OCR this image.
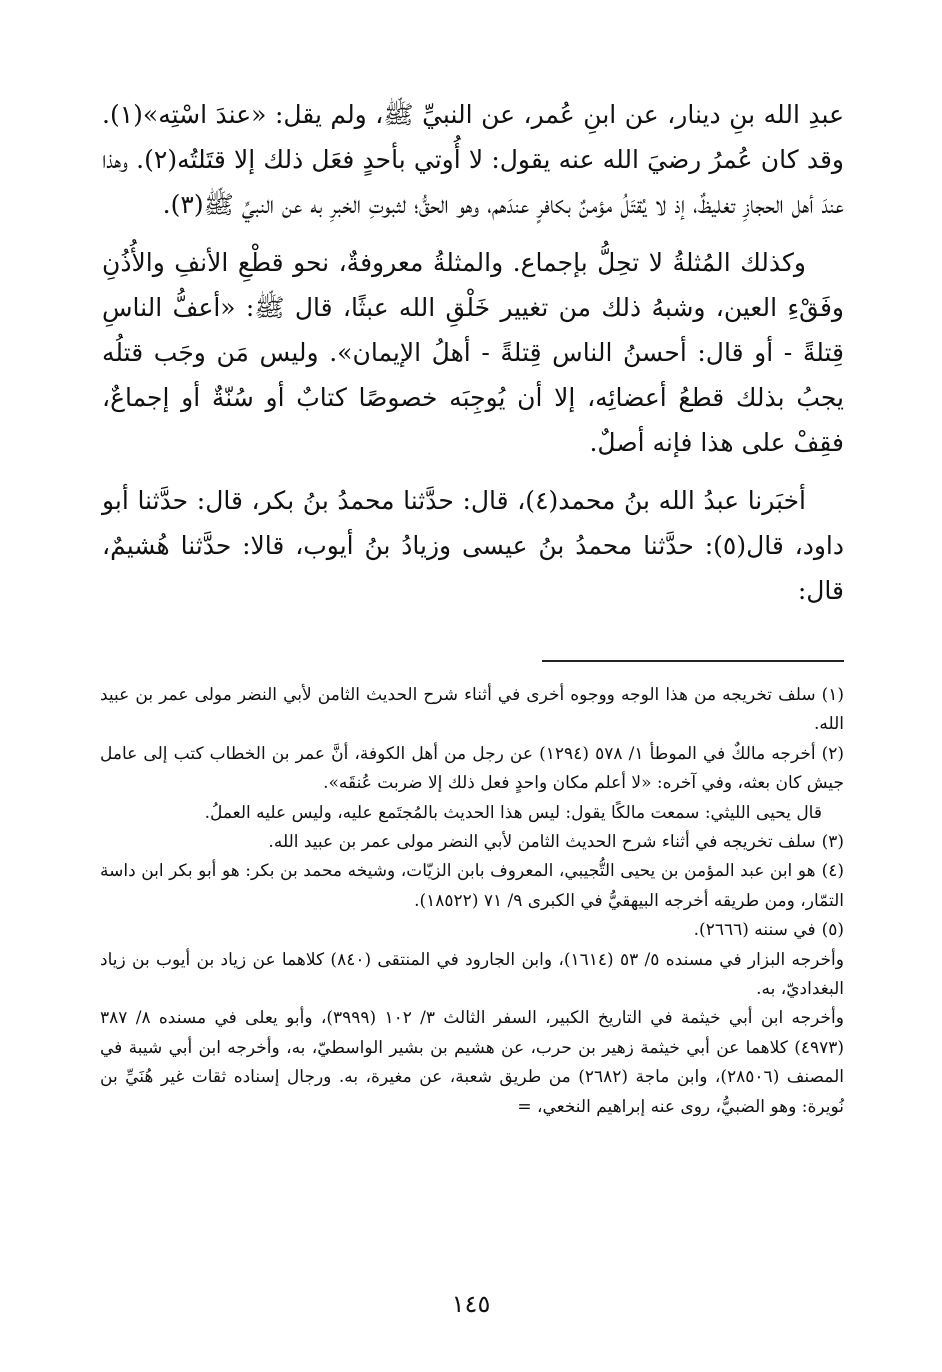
عبدِ الله بنِ دينار، عن ابنِ عُمر، عن النبيِّ ﷺ، ولم يقل: «عندَ اسْتِه»(١). وقد كان عُمرُ رضيَ الله عنه يقول: لا أُوتي بأحدٍ فعَل ذلك إلا قتَلتُه(٢). وهذا عندَ أهل الحجازِ تغليظٌ، إذ لا يُقتَلُ مؤمنٌ بكافرٍ عندَهم، وهو الحقُّ؛ لثبوتِ الخبرِ به عن النبيِّ ﷺ(٣).

وكذلك المُثلةُ لا تحِلُّ بإجماع. والمثلةُ معروفةٌ، نحو قطْعِ الأنفِ والأُذُنِ وفَقْءِ العين، وشبهُ ذلك من تغيير خَلْقِ الله عبثًا، قال ﷺ: «أعفُّ الناسِ قِتلةً - أو قال: أحسنُ الناس قِتلةً - أهلُ الإيمان». وليس مَن وجَب قتلُه يجبُ بذلك قطعُ أعضائِه، إلا أن يُوجِبَه خصوصًا كتابٌ أو سُنّةٌ أو إجماعٌ، فقِفْ على هذا فإنه أصلٌ.

أخبَرنا عبدُ الله بنُ محمد(٤)، قال: حدَّثنا محمدُ بنُ بكر، قال: حدَّثنا أبو داود، قال(٥): حدَّثنا محمدُ بنُ عيسى وزيادُ بنُ أيوب، قالا: حدَّثنا هُشيمٌ، قال:

(١)سلف تخريجه من هذا الوجه ووجوه أخرى في أثناء شرح الحديث الثامن لأبي النضر مولى عمر بن عبيد الله.

(٢)أخرجه مالكٌ في الموطأ ١/ ٥٧٨ (١٢٩٤) عن رجل من أهل الكوفة، أنَّ عمر بن الخطاب كتب إلى عامل جيش كان بعثه، وفي آخره: «لا أعلم مكان واحدٍ فعل ذلك إلا ضربت عُنقَه».

قال يحيى الليثي: سمعت مالكًا يقول: ليس هذا الحديث بالمُجتَمع عليه، وليس عليه العملُ.

(٣)سلف تخريجه في أثناء شرح الحديث الثامن لأبي النضر مولى عمر بن عبيد الله.

(٤)هو ابن عبد المؤمن بن يحيى التُّجيبي، المعروف بابن الزيّات، وشيخه محمد بن بكر: هو أبو بكر ابن داسة التمّار، ومن طريقه أخرجه البيهقيُّ في الكبرى ٩/ ٧١ (١٨٥٢٢).

(٥)في سننه (٢٦٦٦).

وأخرجه البزار في مسنده ٥/ ٥٣ (١٦١٤)، وابن الجارود في المنتقى (٨٤٠) كلاهما عن زياد بن أيوب بن زياد البغداديّ، به.

وأخرجه ابن أبي خيثمة في التاريخ الكبير، السفر الثالث ٣/ ١٠٢ (٣٩٩٩)، وأبو يعلى في مسنده ٨/ ٣٨٧ (٤٩٧٣) كلاهما عن أبي خيثمة زهير بن حرب، عن هشيم بن بشير الواسطيّ، به، وأخرجه ابن أبي شيبة في المصنف (٢٨٥٠٦)، وابن ماجة (٢٦٨٢) من طريق شعبة، عن مغيرة، به. ورجال إسناده ثقات غير هُنَيِّ بن نُويرة: وهو الضبيُّ، روى عنه إبراهيم النخعي، =

١٤٥
